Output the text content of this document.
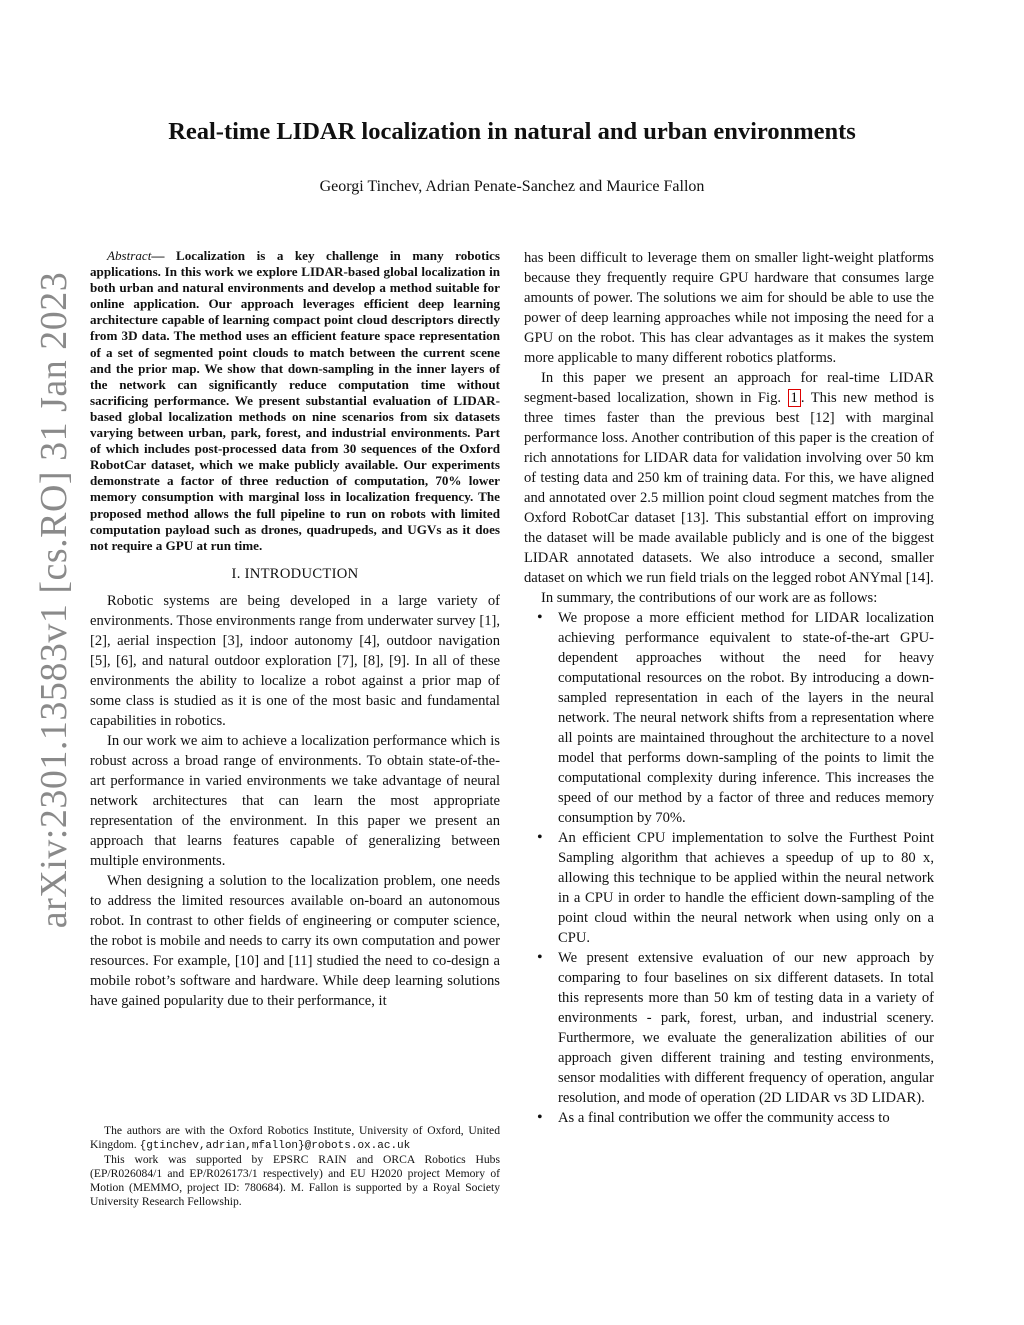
arXiv:2301.13583v1 [cs.RO] 31 Jan 2023
Real-time LIDAR localization in natural and urban environments
Georgi Tinchev, Adrian Penate-Sanchez and Maurice Fallon

Abstract— Localization is a key challenge in many robotics applications. In this work we explore LIDAR-based global localization in both urban and natural environments and develop a method suitable for online application. Our approach leverages efficient deep learning architecture capable of learning compact point cloud descriptors directly from 3D data. The method uses an efficient feature space representation of a set of segmented point clouds to match between the current scene and the prior map. We show that down-sampling in the inner layers of the network can significantly reduce computation time without sacrificing performance. We present substantial evaluation of LIDAR-based global localization methods on nine scenarios from six datasets varying between urban, park, forest, and industrial environments. Part of which includes post-processed data from 30 sequences of the Oxford RobotCar dataset, which we make publicly available. Our experiments demonstrate a factor of three reduction of computation, 70% lower memory consumption with marginal loss in localization frequency. The proposed method allows the full pipeline to run on robots with limited computation payload such as drones, quadrupeds, and UGVs as it does not require a GPU at run time.

I. INTRODUCTION

Robotic systems are being developed in a large variety of environments. Those environments range from underwater survey [1], [2], aerial inspection [3], indoor autonomy [4], outdoor navigation [5], [6], and natural outdoor exploration [7], [8], [9]. In all of these environments the ability to localize a robot against a prior map of some class is studied as it is one of the most basic and fundamental capabilities in robotics.

In our work we aim to achieve a localization performance which is robust across a broad range of environments. To obtain state-of-the-art performance in varied environments we take advantage of neural network architectures that can learn the most appropriate representation of the environment. In this paper we present an approach that learns features capable of generalizing between multiple environments.

When designing a solution to the localization problem, one needs to address the limited resources available on-board an autonomous robot. In contrast to other fields of engineering or computer science, the robot is mobile and needs to carry its own computation and power resources. For example, [10] and [11] studied the need to co-design a mobile robot’s software and hardware. While deep learning solutions have gained popularity due to their performance, it

has been difficult to leverage them on smaller light-weight platforms because they frequently require GPU hardware that consumes large amounts of power. The solutions we aim for should be able to use the power of deep learning approaches while not imposing the need for a GPU on the robot. This has clear advantages as it makes the system more applicable to many different robotics platforms.

In this paper we present an approach for real-time LIDAR segment-based localization, shown in Fig. 1 . This new method is three times faster than the previous best [12] with marginal performance loss. Another contribution of this paper is the creation of rich annotations for LIDAR data for validation involving over 50 km of testing data and 250 km of training data. For this, we have aligned and annotated over 2.5 million point cloud segment matches from the Oxford RobotCar dataset [13]. This substantial effort on improving the dataset will be made available publicly and is one of the biggest LIDAR annotated datasets. We also introduce a second, smaller dataset on which we run field trials on the legged robot ANYmal [14].

In summary, the contributions of our work are as follows:

• We propose a more efficient method for LIDAR localization achieving performance equivalent to state-of-the-art GPU-dependent approaches without the need for heavy computational resources on the robot. By introducing a down-sampled representation in each of the layers in the neural network. The neural network shifts from a representation where all points are maintained throughout the architecture to a novel model that performs down-sampling of the points to limit the computational complexity during inference. This increases the speed of our method by a factor of three and reduces memory consumption by 70%.
• An efficient CPU implementation to solve the Furthest Point Sampling algorithm that achieves a speedup of up to 80 x, allowing this technique to be applied within the neural network in a CPU in order to handle the efficient down-sampling of the point cloud within the neural network when using only on a CPU.
• We present extensive evaluation of our new approach by comparing to four baselines on six different datasets. In total this represents more than 50 km of testing data in a variety of environments - park, forest, urban, and industrial scenery. Furthermore, we evaluate the generalization abilities of our approach given different training and testing environments, sensor modalities with different frequency of operation, angular resolution, and mode of operation (2D LIDAR vs 3D LIDAR).
• As a final contribution we offer the community access to

The authors are with the Oxford Robotics Institute, University of Oxford, United Kingdom. {gtinchev,adrian,mfallon}@robots.ox.ac.uk

This work was supported by EPSRC RAIN and ORCA Robotics Hubs (EP/R026084/1 and EP/R026173/1 respectively) and EU H2020 project Memory of Motion (MEMMO, project ID: 780684). M. Fallon is supported by a Royal Society University Research Fellowship.
